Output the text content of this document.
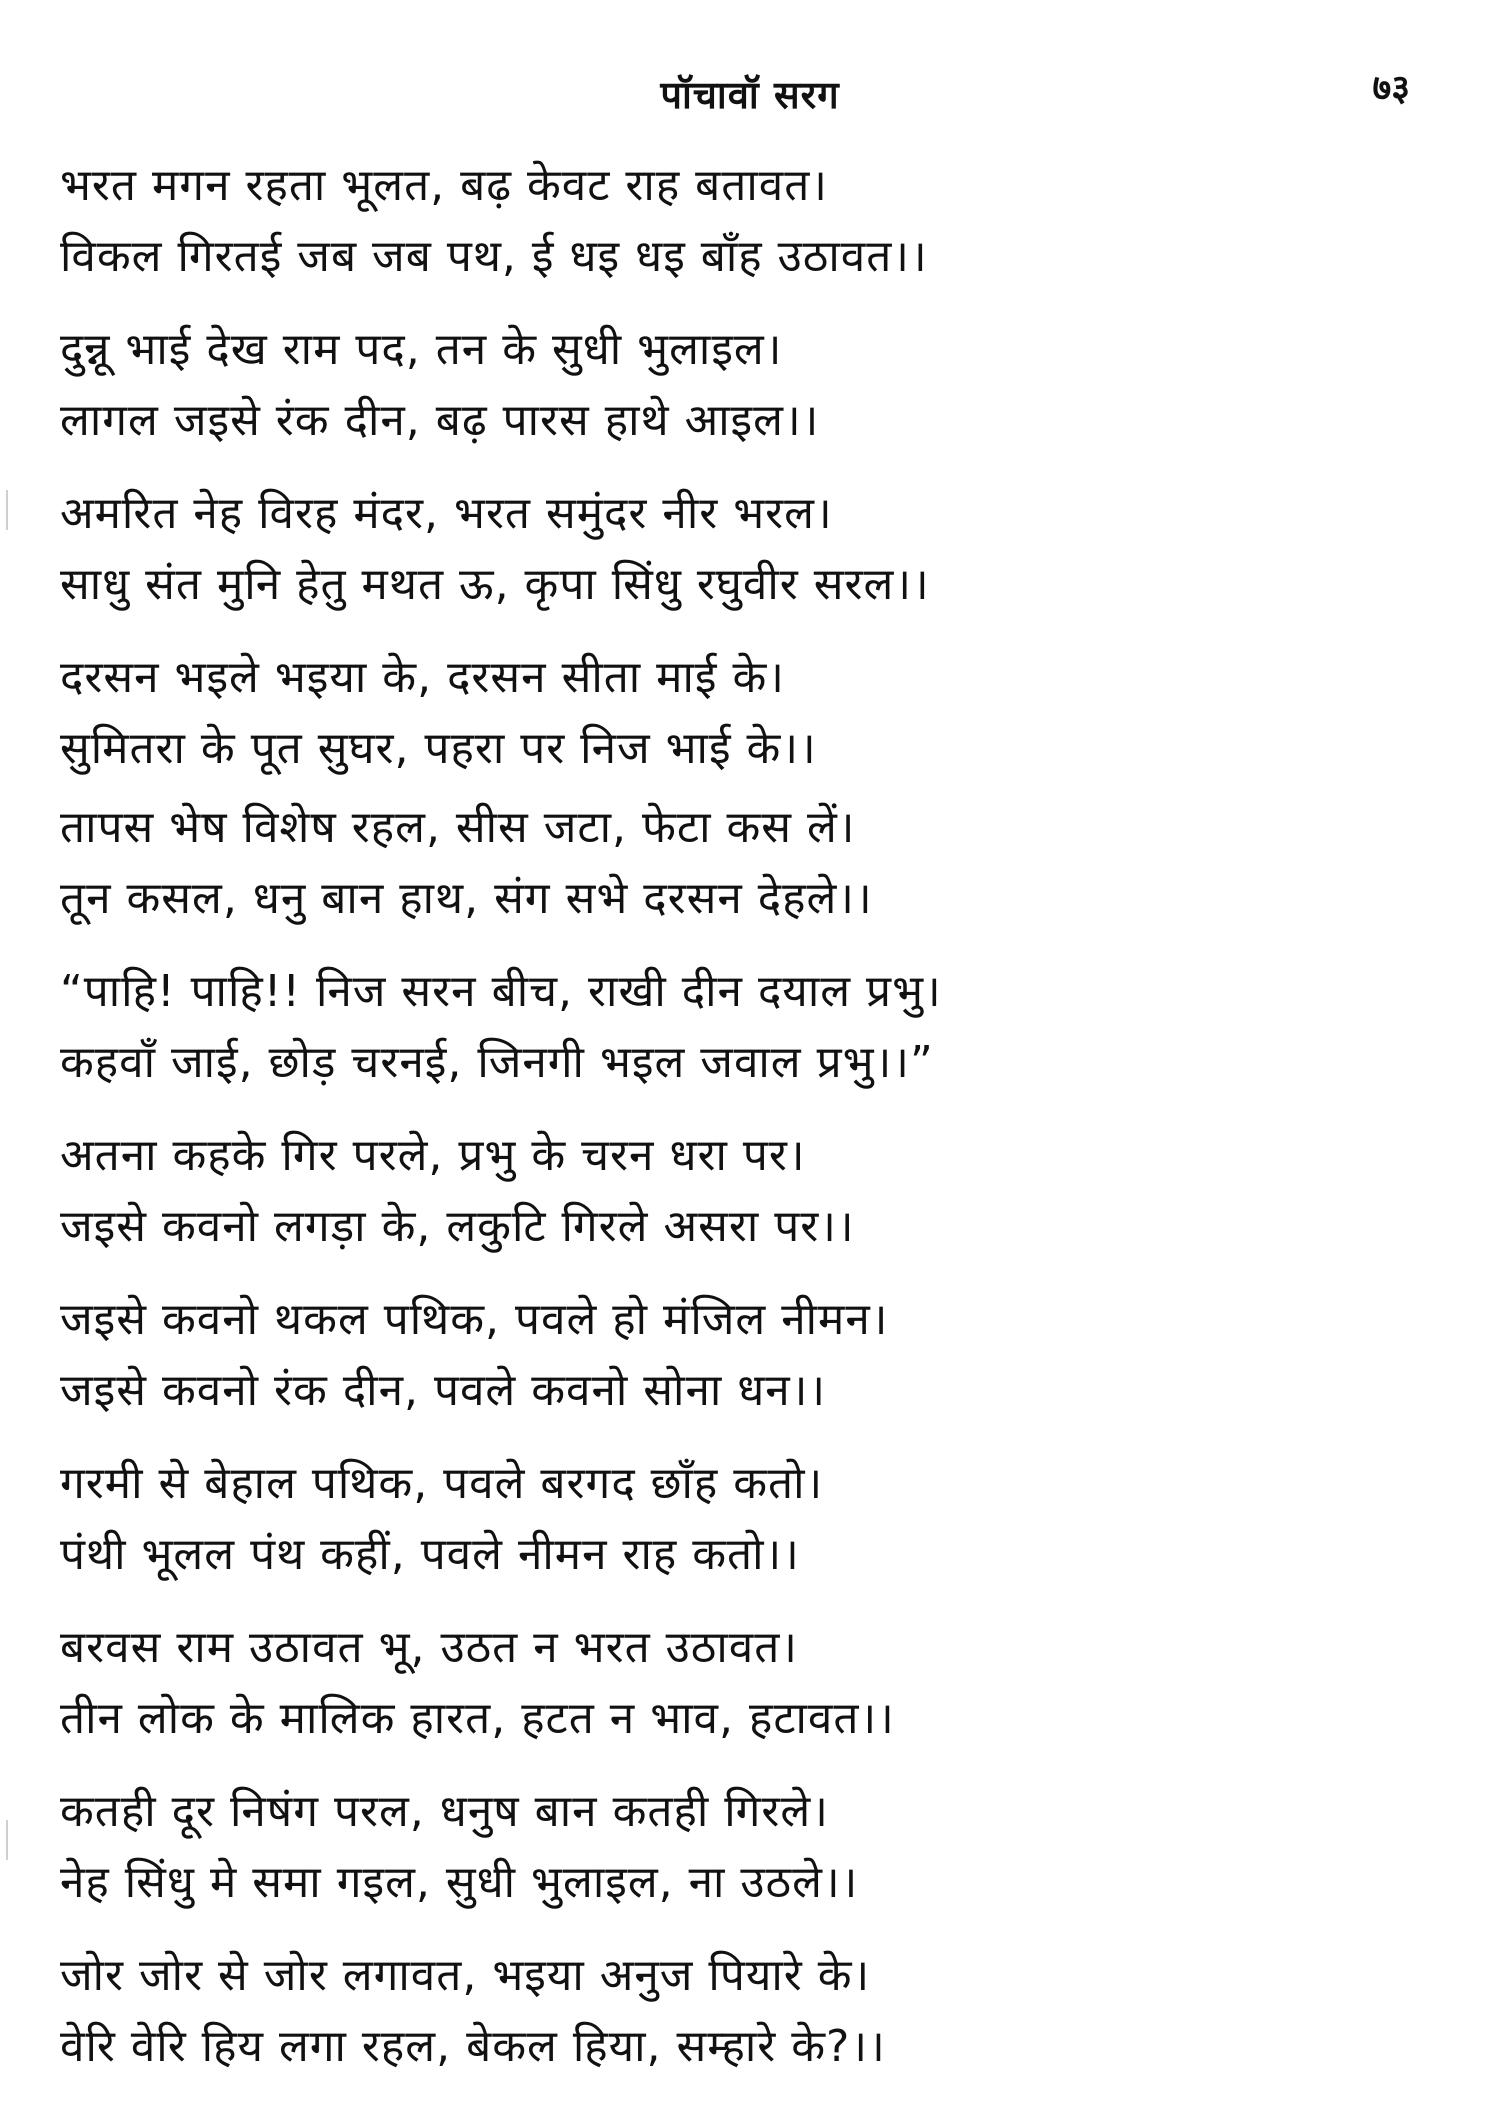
पॉचावॉ सरग	७३
भरत मगन रहता भूलत, बढ़ केवट राह बतावत।
विकल गिरतई जब जब पथ, ई धइ धइ बाँह उठावत।।
दुन्नू भाई देख राम पद, तन के सुधी भुलाइल।
लागल जइसे रंक दीन, बढ़ पारस हाथे आइल।।
अमरित नेह विरह मंदर, भरत समुंदर नीर भरल।
साधु संत मुनि हेतु मथत ऊ, कृपा सिंधु रघुवीर सरल।।
दरसन भइले भइया के, दरसन सीता माई के।
सुमितरा के पूत सुघर, पहरा पर निज भाई के।।
तापस भेष विशेष रहल, सीस जटा, फेटा कस लें।
तून कसल, धनु बान हाथ, संग सभे दरसन देहले।।
“पाहि! पाहि!! निज सरन बीच, राखी दीन दयाल प्रभु।
कहवाँ जाई, छोड़ चरनई, जिनगी भइल जवाल प्रभु।।”
अतना कहके गिर परले, प्रभु के चरन धरा पर।
जइसे कवनो लगड़ा के, लकुटि गिरले असरा पर।।
जइसे कवनो थकल पथिक, पवले हो मंजिल नीमन।
जइसे कवनो रंक दीन, पवले कवनो सोना धन।।
गरमी से बेहाल पथिक, पवले बरगद छाँह कतो।
पंथी भूलल पंथ कहीं, पवले नीमन राह कतो।।
बरवस राम उठावत भू, उठत न भरत उठावत।
तीन लोक के मालिक हारत, हटत न भाव, हटावत।।
कतही दूर निषंग परल, धनुष बान कतही गिरले।
नेह सिंधु मे समा गइल, सुधी भुलाइल, ना उठले।।
जोर जोर से जोर लगावत, भइया अनुज पियारे के।
वेरि वेरि हिय लगा रहल, बेकल हिया, सम्हारे के?।।
